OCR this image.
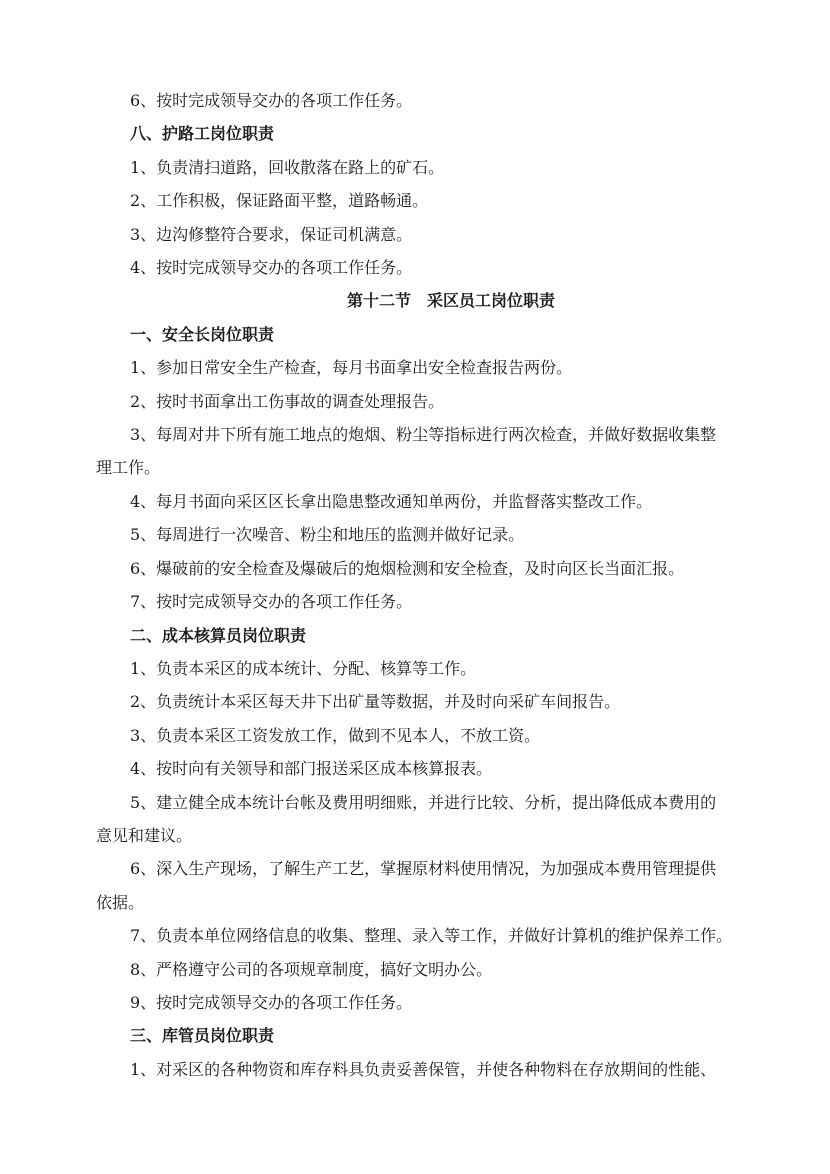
6、按时完成领导交办的各项工作任务。

八、护路工岗位职责

1、负责清扫道路，回收散落在路上的矿石。

2、工作积极，保证路面平整，道路畅通。

3、边沟修整符合要求，保证司机满意。

4、按时完成领导交办的各项工作任务。

第十二节　采区员工岗位职责

一、安全长岗位职责

1、参加日常安全生产检查，每月书面拿出安全检查报告两份。

2、按时书面拿出工伤事故的调查处理报告。

3、每周对井下所有施工地点的炮烟、粉尘等指标进行两次检查，并做好数据收集整

理工作。

4、每月书面向采区区长拿出隐患整改通知单两份，并监督落实整改工作。

5、每周进行一次噪音、粉尘和地压的监测并做好记录。

6、爆破前的安全检查及爆破后的炮烟检测和安全检查，及时向区长当面汇报。

7、按时完成领导交办的各项工作任务。

二、成本核算员岗位职责

1、负责本采区的成本统计、分配、核算等工作。

2、负责统计本采区每天井下出矿量等数据，并及时向采矿车间报告。

3、负责本采区工资发放工作，做到不见本人，不放工资。

4、按时向有关领导和部门报送采区成本核算报表。

5、建立健全成本统计台帐及费用明细账，并进行比较、分析，提出降低成本费用的

意见和建议。

6、深入生产现场，了解生产工艺，掌握原材料使用情况，为加强成本费用管理提供

依据。

7、负责本单位网络信息的收集、整理、录入等工作，并做好计算机的维护保养工作。

8、严格遵守公司的各项规章制度，搞好文明办公。

9、按时完成领导交办的各项工作任务。

三、库管员岗位职责

1、对采区的各种物资和库存料具负责妥善保管，并使各种物料在存放期间的性能、
